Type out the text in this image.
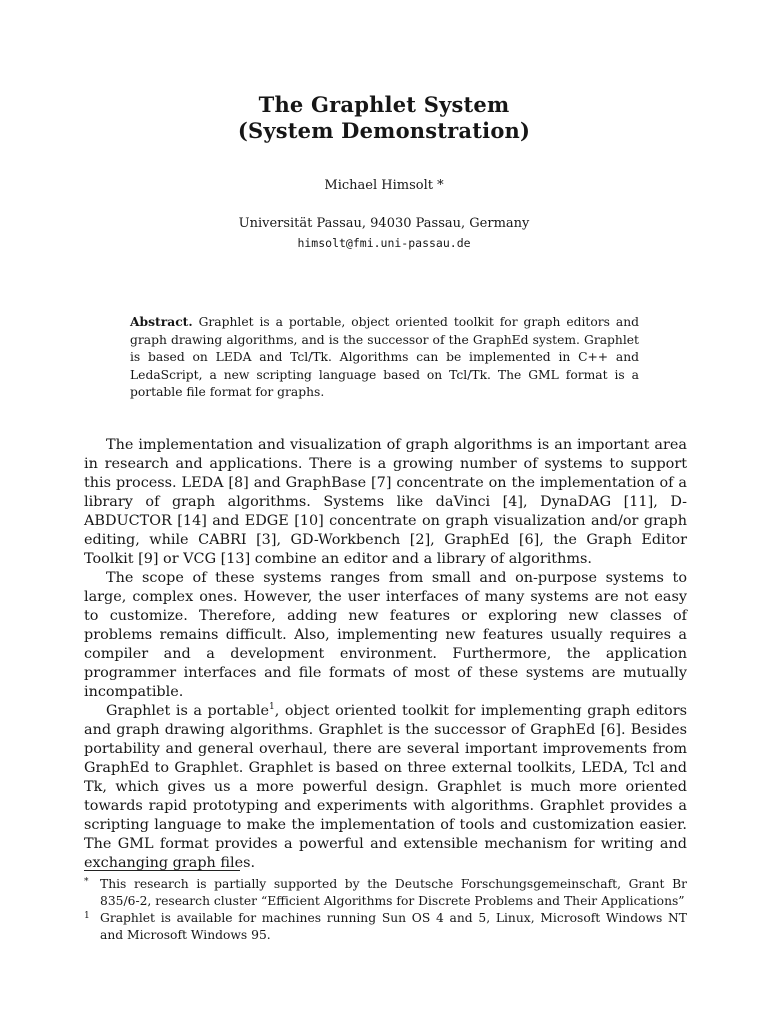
The Graphlet System
(System Demonstration)
Michael Himsolt *
Universität Passau, 94030 Passau, Germany
himsolt@fmi.uni-passau.de
Abstract. Graphlet is a portable, object oriented toolkit for graph editors and graph drawing algorithms, and is the successor of the GraphEd system. Graphlet is based on LEDA and Tcl/Tk. Algorithms can be implemented in C++ and LedaScript, a new scripting language based on Tcl/Tk. The GML format is a portable file format for graphs.

The implementation and visualization of graph algorithms is an important area in research and applications. There is a growing number of systems to support this process. LEDA [8] and GraphBase [7] concentrate on the implementation of a library of graph algorithms. Systems like daVinci [4], DynaDAG [11], D-ABDUCTOR [14] and EDGE [10] concentrate on graph visualization and/or graph editing, while CABRI [3], GD-Workbench [2], GraphEd [6], the Graph Editor Toolkit [9] or VCG [13] combine an editor and a library of algorithms.

The scope of these systems ranges from small and on-purpose systems to large, complex ones. However, the user interfaces of many systems are not easy to customize. Therefore, adding new features or exploring new classes of problems remains difficult. Also, implementing new features usually requires a compiler and a development environment. Furthermore, the application programmer interfaces and file formats of most of these systems are mutually incompatible.

Graphlet is a portable$^1$, object oriented toolkit for implementing graph editors and graph drawing algorithms. Graphlet is the successor of GraphEd [6]. Besides portability and general overhaul, there are several important improvements from GraphEd to Graphlet. Graphlet is based on three external toolkits, LEDA, Tcl and Tk, which gives us a more powerful design. Graphlet is much more oriented towards rapid prototyping and experiments with algorithms. Graphlet provides a scripting language to make the implementation of tools and customization easier. The GML format provides a powerful and extensible mechanism for writing and exchanging graph files.

* This research is partially supported by the Deutsche Forschungsgemeinschaft, Grant Br 835/6-2, research cluster “Efficient Algorithms for Discrete Problems and Their Applications”
1 Graphlet is available for machines running Sun OS 4 and 5, Linux, Microsoft Windows NT and Microsoft Windows 95.
